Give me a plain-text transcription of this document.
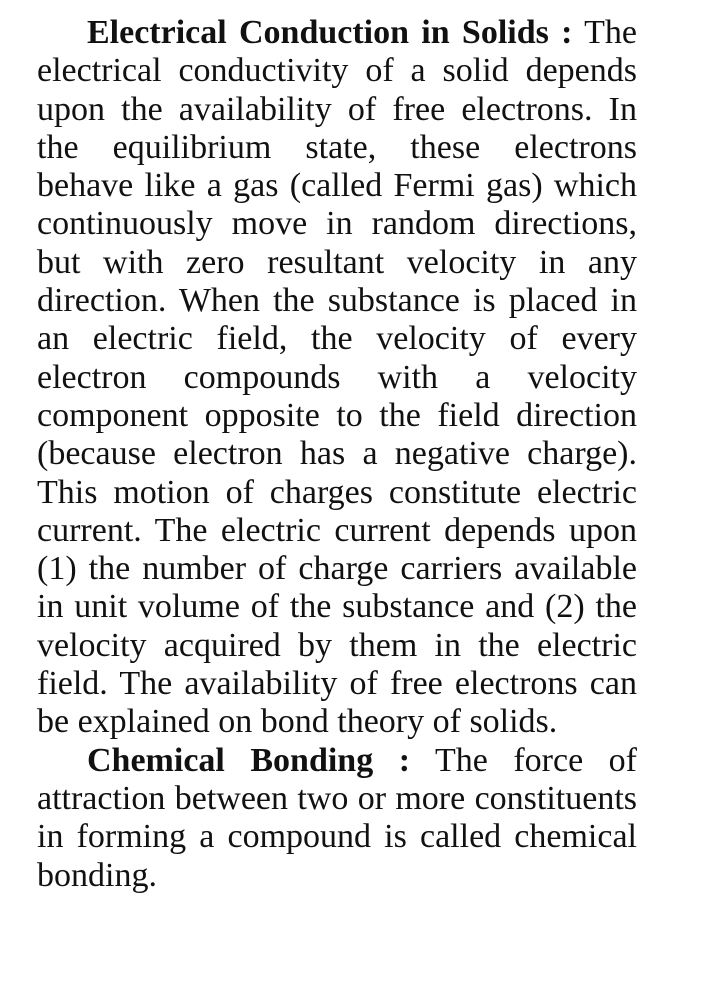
Electrical Conduction in Solids : The electrical conductivity of a solid depends upon the availability of free electrons. In the equilibrium state, these electrons behave like a gas (called Fermi gas) which continuously move in random directions, but with zero resultant velocity in any direction. When the substance is placed in an electric field, the velocity of every electron compounds with a velocity component opposite to the field direction (because electron has a negative charge). This motion of charges constitute electric current. The electric current depends upon (1) the number of charge carriers available in unit volume of the substance and (2) the velocity acquired by them in the electric field. The availability of free electrons can be explained on bond theory of solids.

Chemical Bonding : The force of attraction between two or more constituents in forming a compound is called chemical bonding.
